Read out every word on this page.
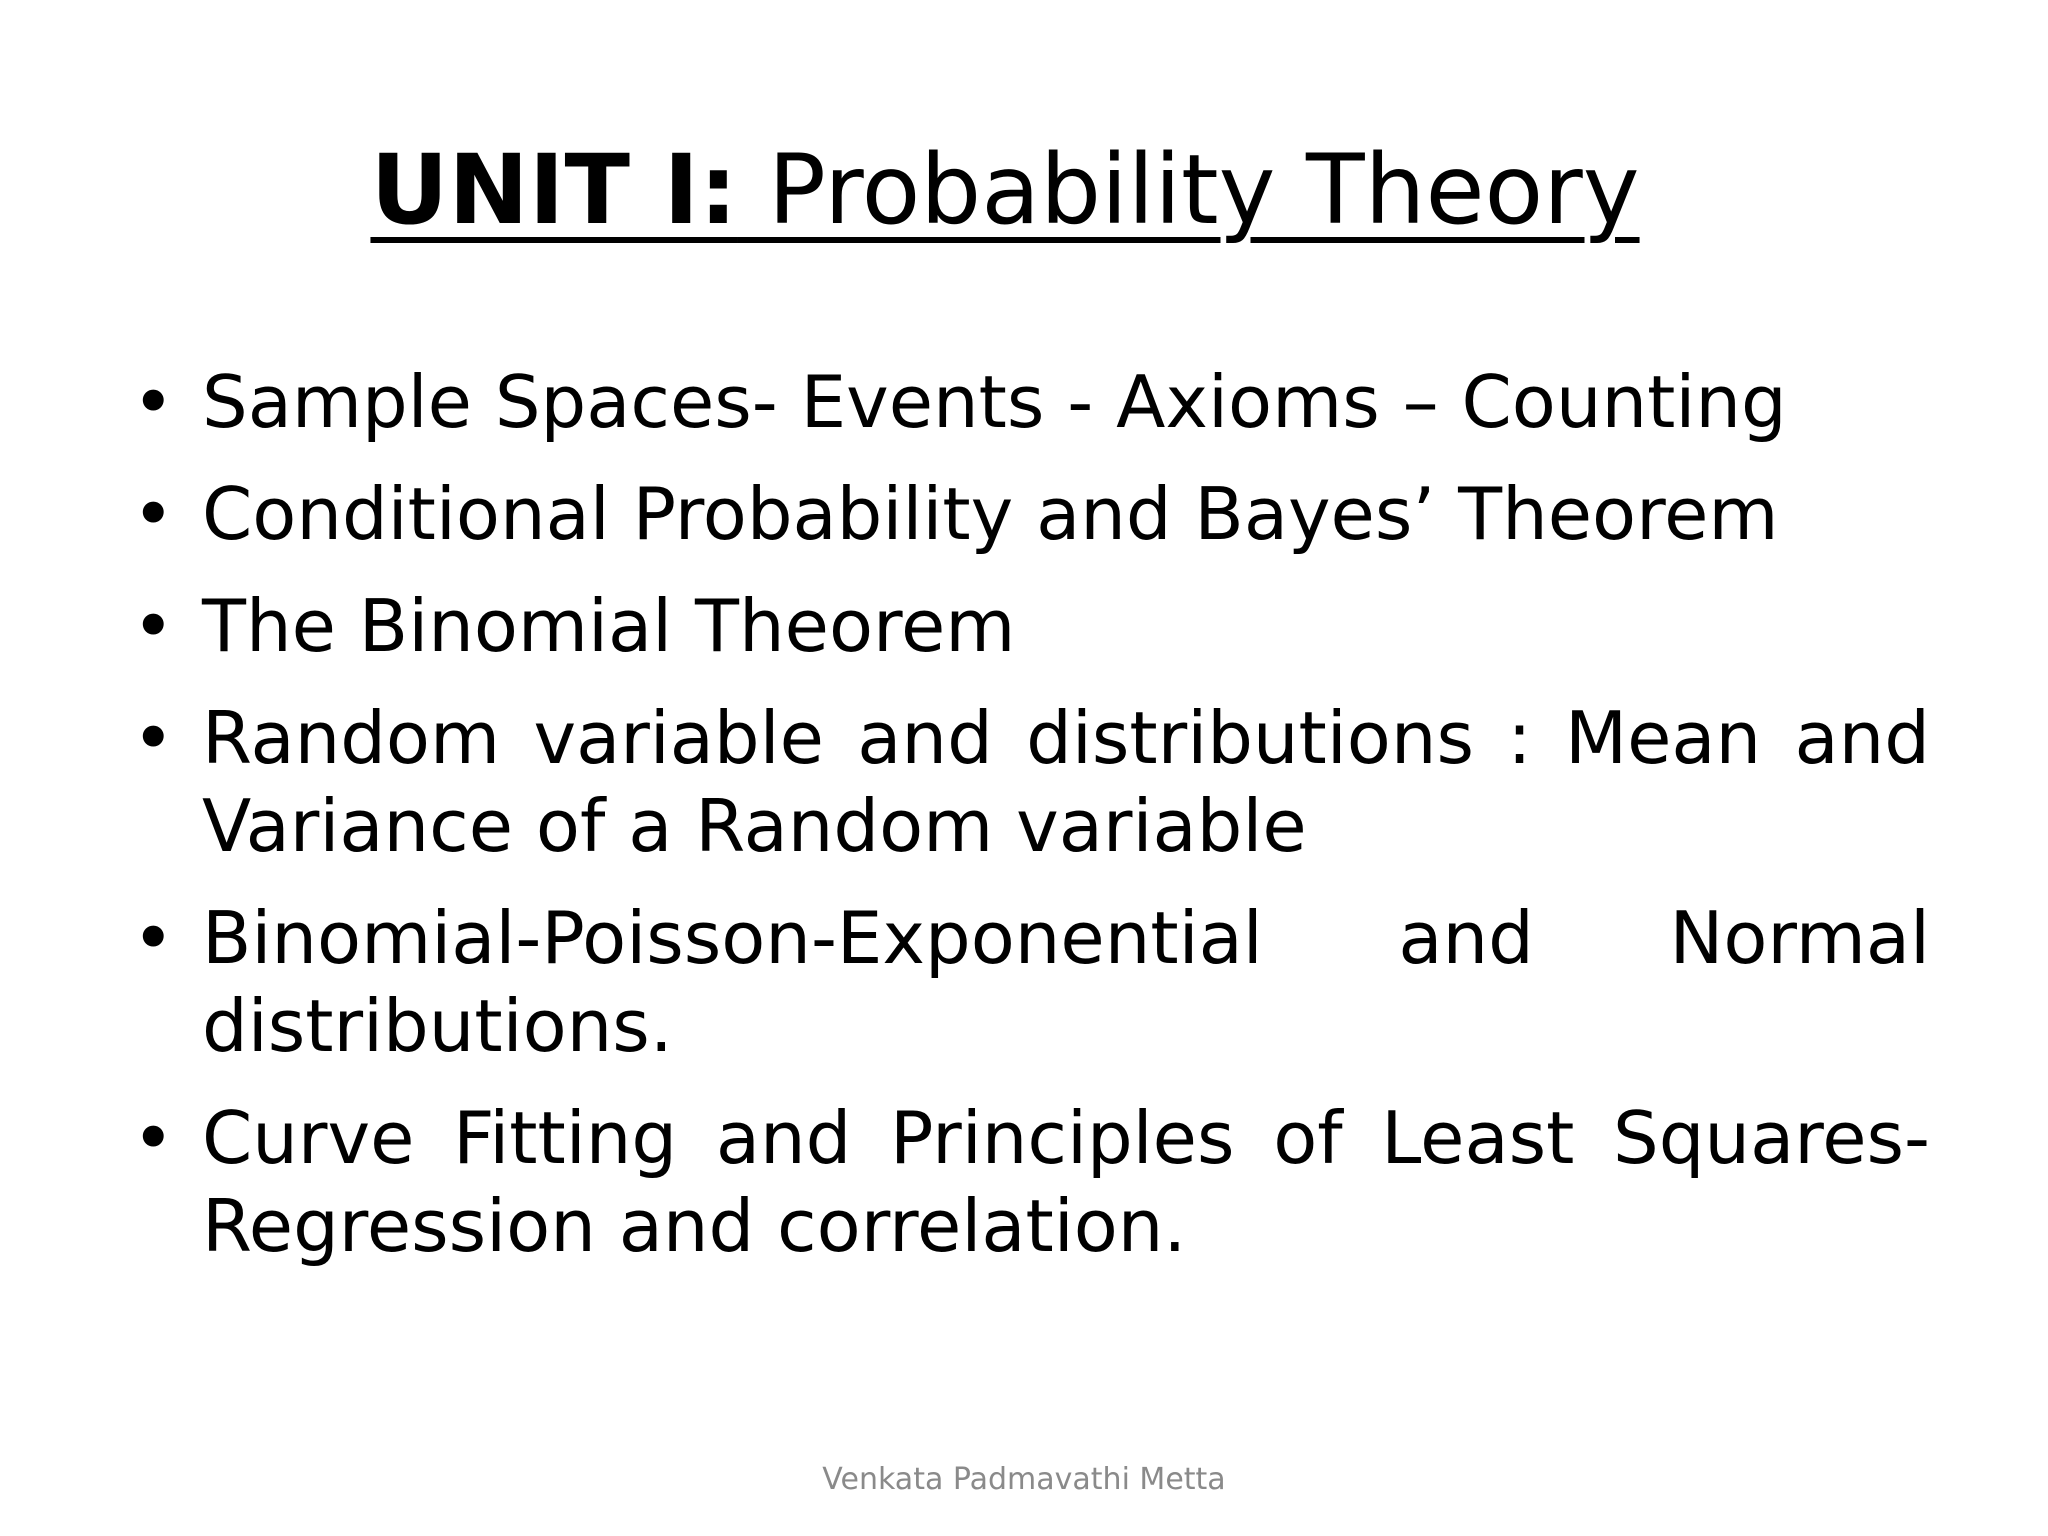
UNIT I: Probability Theory
• Sample Spaces- Events - Axioms – Counting
• Conditional Probability and Bayes’ Theorem
• The Binomial Theorem
• Random variable and distributions : Mean and Variance of a Random variable
• Binomial-Poisson-Exponential and Normal distributions.
• Curve Fitting and Principles of Least Squares-Regression and correlation.
Venkata Padmavathi Metta
